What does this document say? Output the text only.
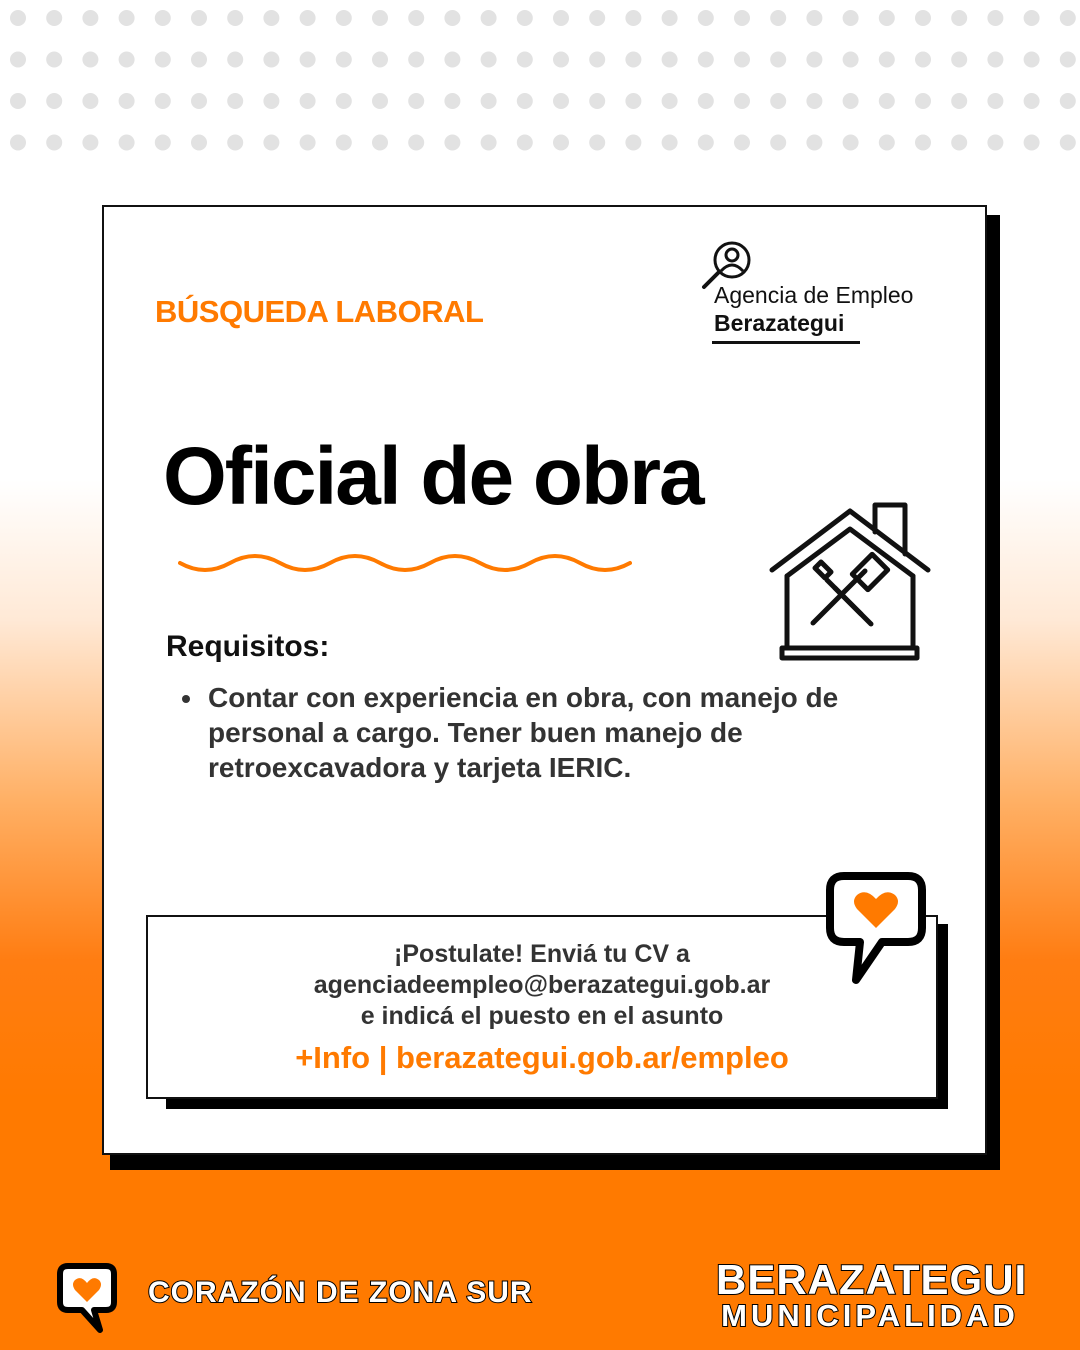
BÚSQUEDA LABORAL	Agencia de Empleo
Berazategui
Oficial de obra
Requisitos:
Contar con experiencia en obra, con manejo de personal a cargo. Tener buen manejo de retroexcavadora y tarjeta IERIC.
¡Postulate! Enviá tu CV a
agenciadeempleo@berazategui.gob.ar
e indicá el puesto en el asunto
+Info | berazategui.gob.ar/empleo
CORAZÓN DE ZONA SUR	BERAZATEGUI
MUNICIPALIDAD
